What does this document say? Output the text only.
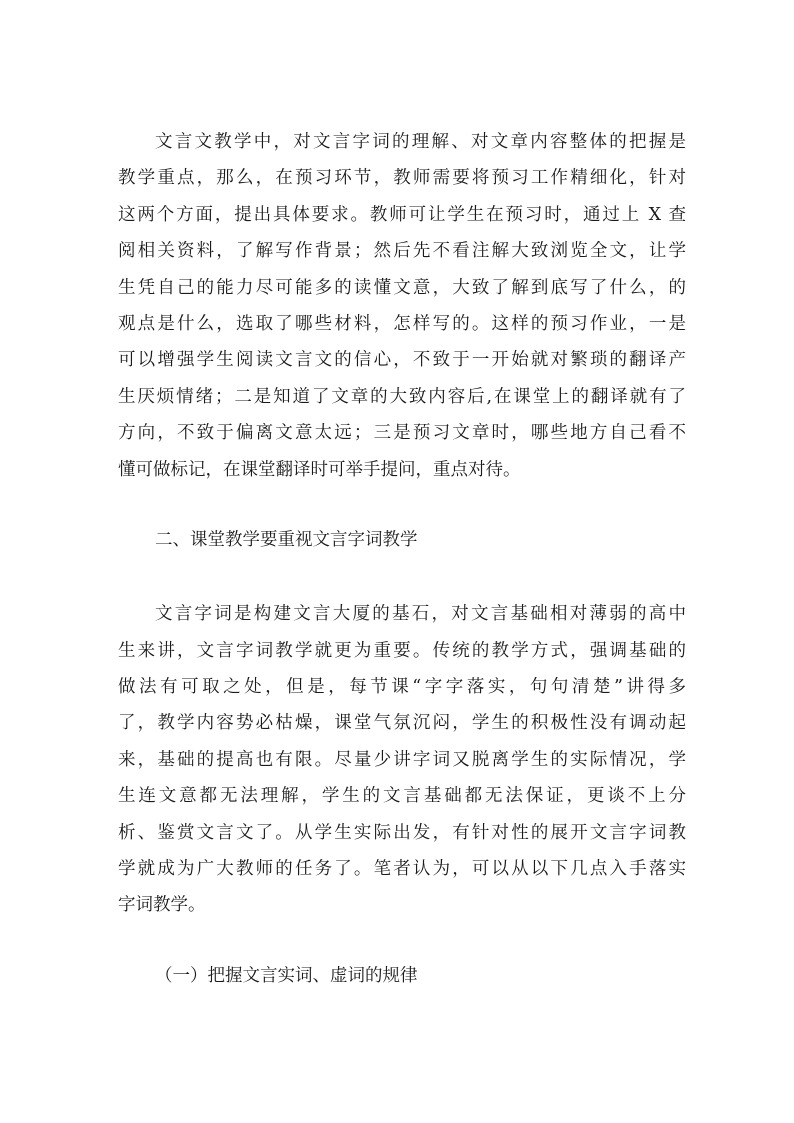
文言文教学中，对文言字词的理解、对文章内容整体的把握是

教学重点，那么，在预习环节，教师需要将预习工作精细化，针对

这两个方面，提出具体要求。教师可让学生在预习时，通过上 X 查

阅相关资料，了解写作背景；然后先不看注解大致浏览全文，让学

生凭自己的能力尽可能多的读懂文意，大致了解到底写了什么，的

观点是什么，选取了哪些材料，怎样写的。这样的预习作业，一是

可以增强学生阅读文言文的信心，不致于一开始就对繁琐的翻译产

生厌烦情绪；二是知道了文章的大致内容后,在课堂上的翻译就有了

方向，不致于偏离文意太远；三是预习文章时，哪些地方自己看不

懂可做标记，在课堂翻译时可举手提问，重点对待。

二、课堂教学要重视文言字词教学

文言字词是构建文言大厦的基石，对文言基础相对薄弱的高中

生来讲，文言字词教学就更为重要。传统的教学方式，强调基础的

做法有可取之处，但是，每节课“字字落实，句句清楚”讲得多

了，教学内容势必枯燥，课堂气氛沉闷，学生的积极性没有调动起

来，基础的提高也有限。尽量少讲字词又脱离学生的实际情况，学

生连文意都无法理解，学生的文言基础都无法保证，更谈不上分

析、鉴赏文言文了。从学生实际出发，有针对性的展开文言字词教

学就成为广大教师的任务了。笔者认为，可以从以下几点入手落实

字词教学。

（一）把握文言实词、虚词的规律
